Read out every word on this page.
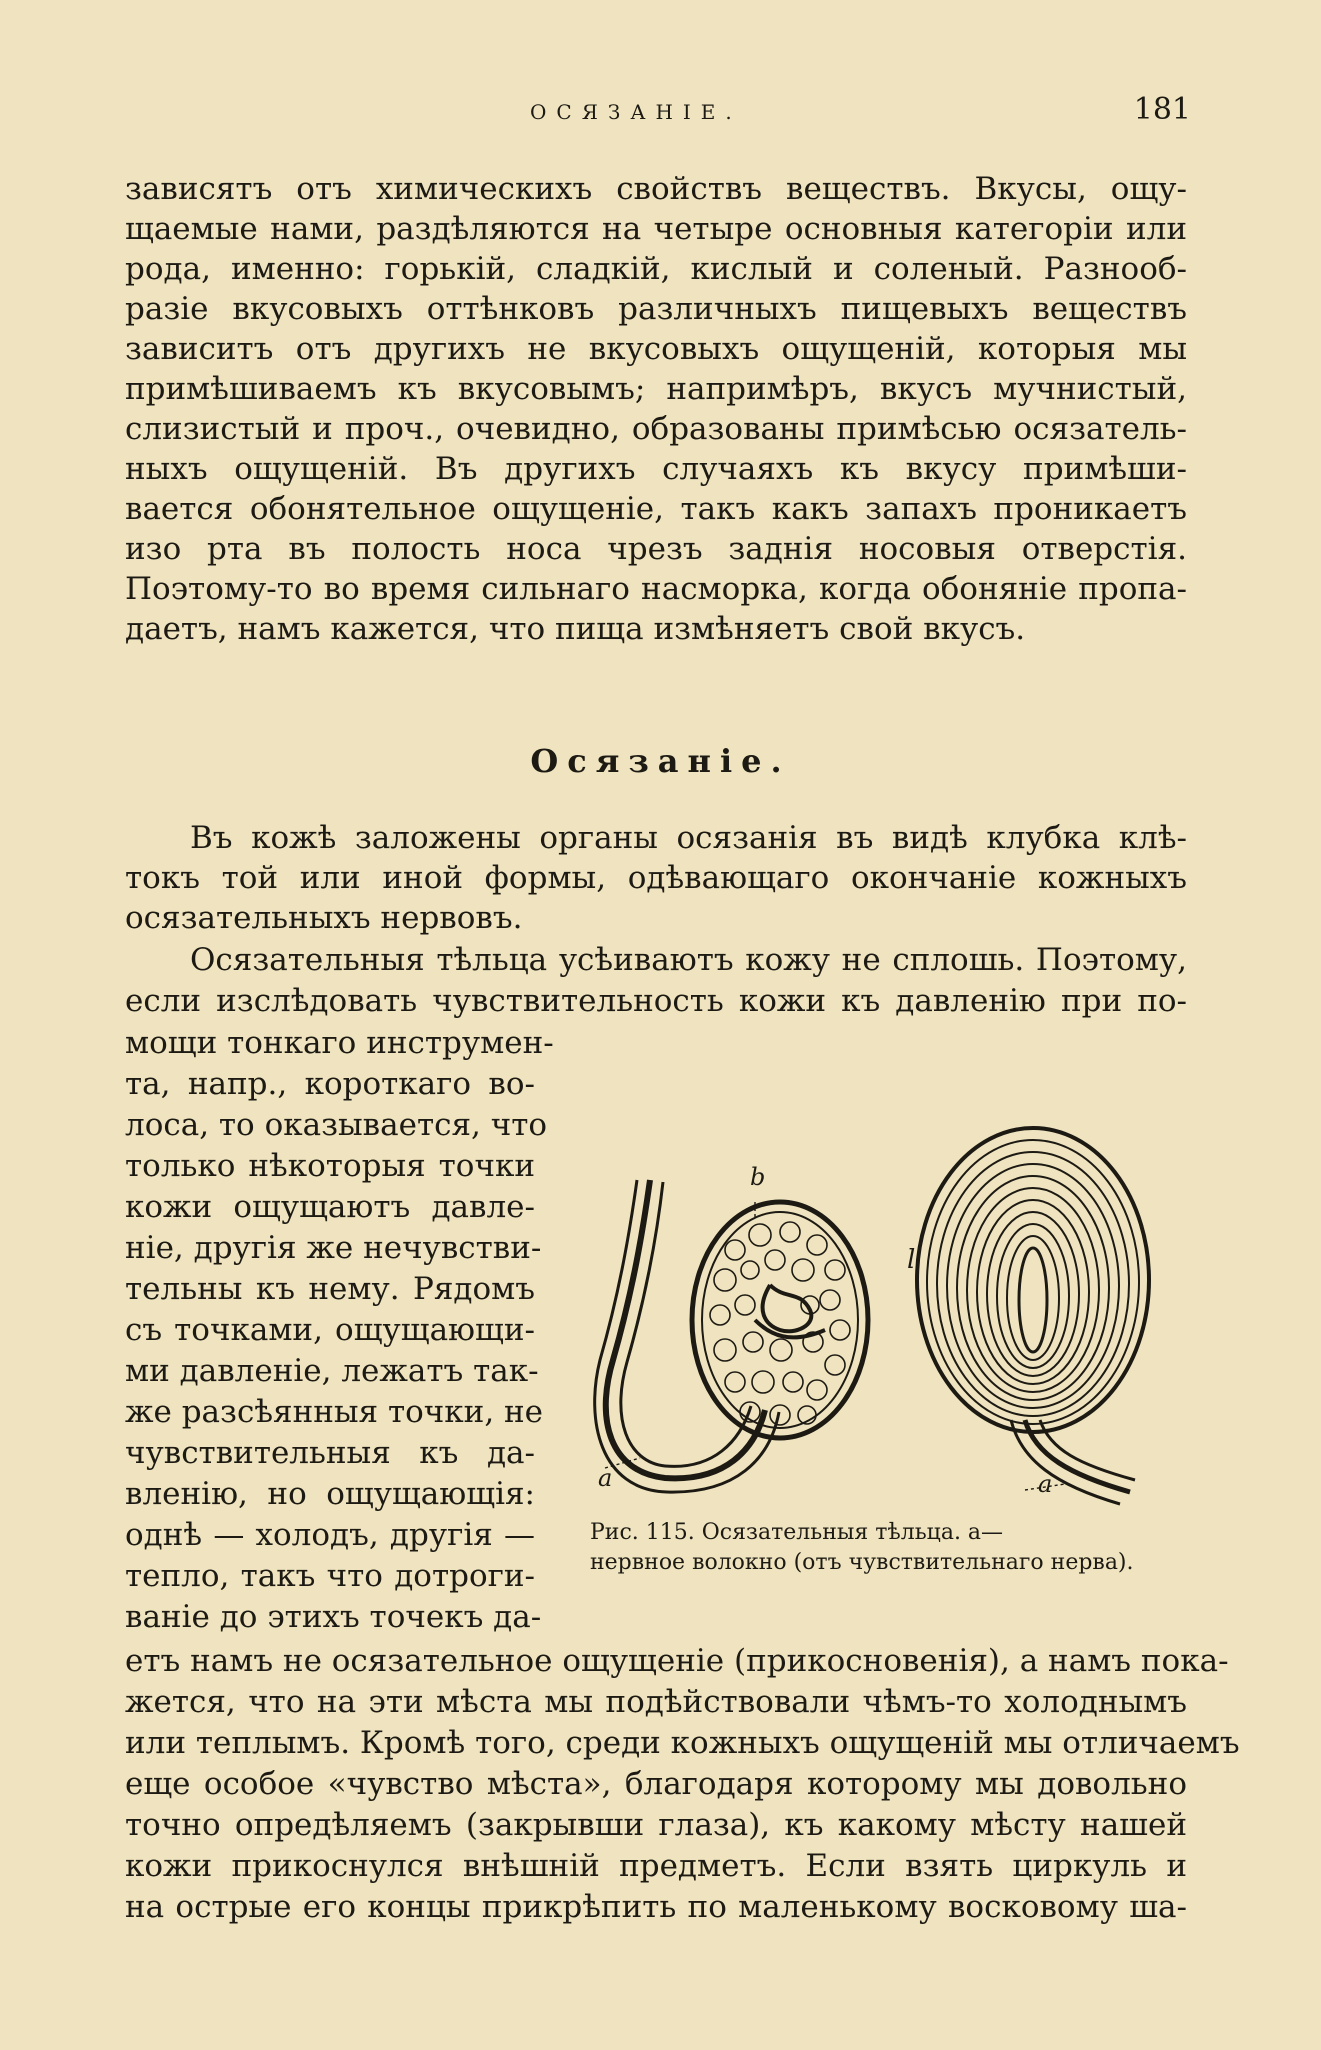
ОСЯЗАНІЕ.	181
зависятъ отъ химическихъ свойствъ веществъ. Вкусы, ощу-
щаемые нами, раздѣляются на четыре основныя категоріи или
рода, именно: горькій, сладкій, кислый и соленый. Разнооб-
разіе вкусовыхъ оттѣнковъ различныхъ пищевыхъ веществъ
зависитъ отъ другихъ не вкусовыхъ ощущеній, которыя мы
примѣшиваемъ къ вкусовымъ; напримѣръ, вкусъ мучнистый,
слизистый и проч., очевидно, образованы примѣсью осязатель-
ныхъ ощущеній. Въ другихъ случаяхъ къ вкусу примѣши-
вается обонятельное ощущеніе, такъ какъ запахъ проникаетъ
изо рта въ полость носа чрезъ заднія носовыя отверстія.
Поэтому-то во время сильнаго насморка, когда обоняніе пропа-
даетъ, намъ кажется, что пища измѣняетъ свой вкусъ.
Осязаніе.
Въ кожѣ заложены органы осязанія въ видѣ клубка клѣ-
токъ той или иной формы, одѣвающаго окончаніе кожныхъ
осязательныхъ нервовъ.
Осязательныя тѣльца усѣиваютъ кожу не сплошь. Поэтому,
если изслѣдовать чувствительность кожи къ давленію при по-
мощи тонкаго инструмен-
та, напр., короткаго во-
лоса, то оказывается, что
только нѣкоторыя точки
кожи ощущаютъ давле-
ніе, другія же нечувстви-
тельны къ нему. Рядомъ
съ точками, ощущающи-
ми давленіе, лежатъ так-
же разсѣянныя точки, не
чувствительныя къ да-
вленію, но ощущающія:
однѣ — холодъ, другія —
тепло, такъ что дотроги-
ваніе до этихъ точекъ да-
етъ намъ не осязательное ощущеніе (прикосновенія), а намъ пока-
жется, что на эти мѣста мы подѣйствовали чѣмъ-то холоднымъ
или теплымъ. Кромѣ того, среди кожныхъ ощущеній мы отличаемъ
еще особое «чувство мѣста», благодаря которому мы довольно
точно опредѣляемъ (закрывши глаза), къ какому мѣсту нашей
кожи прикоснулся внѣшній предметъ. Если взять циркуль и
на острые его концы прикрѣпить по маленькому восковому ша-
b
l
a	a
Рис. 115. Осязательныя тѣльца. а—
нервное волокно (отъ чувствительнаго нерва).
